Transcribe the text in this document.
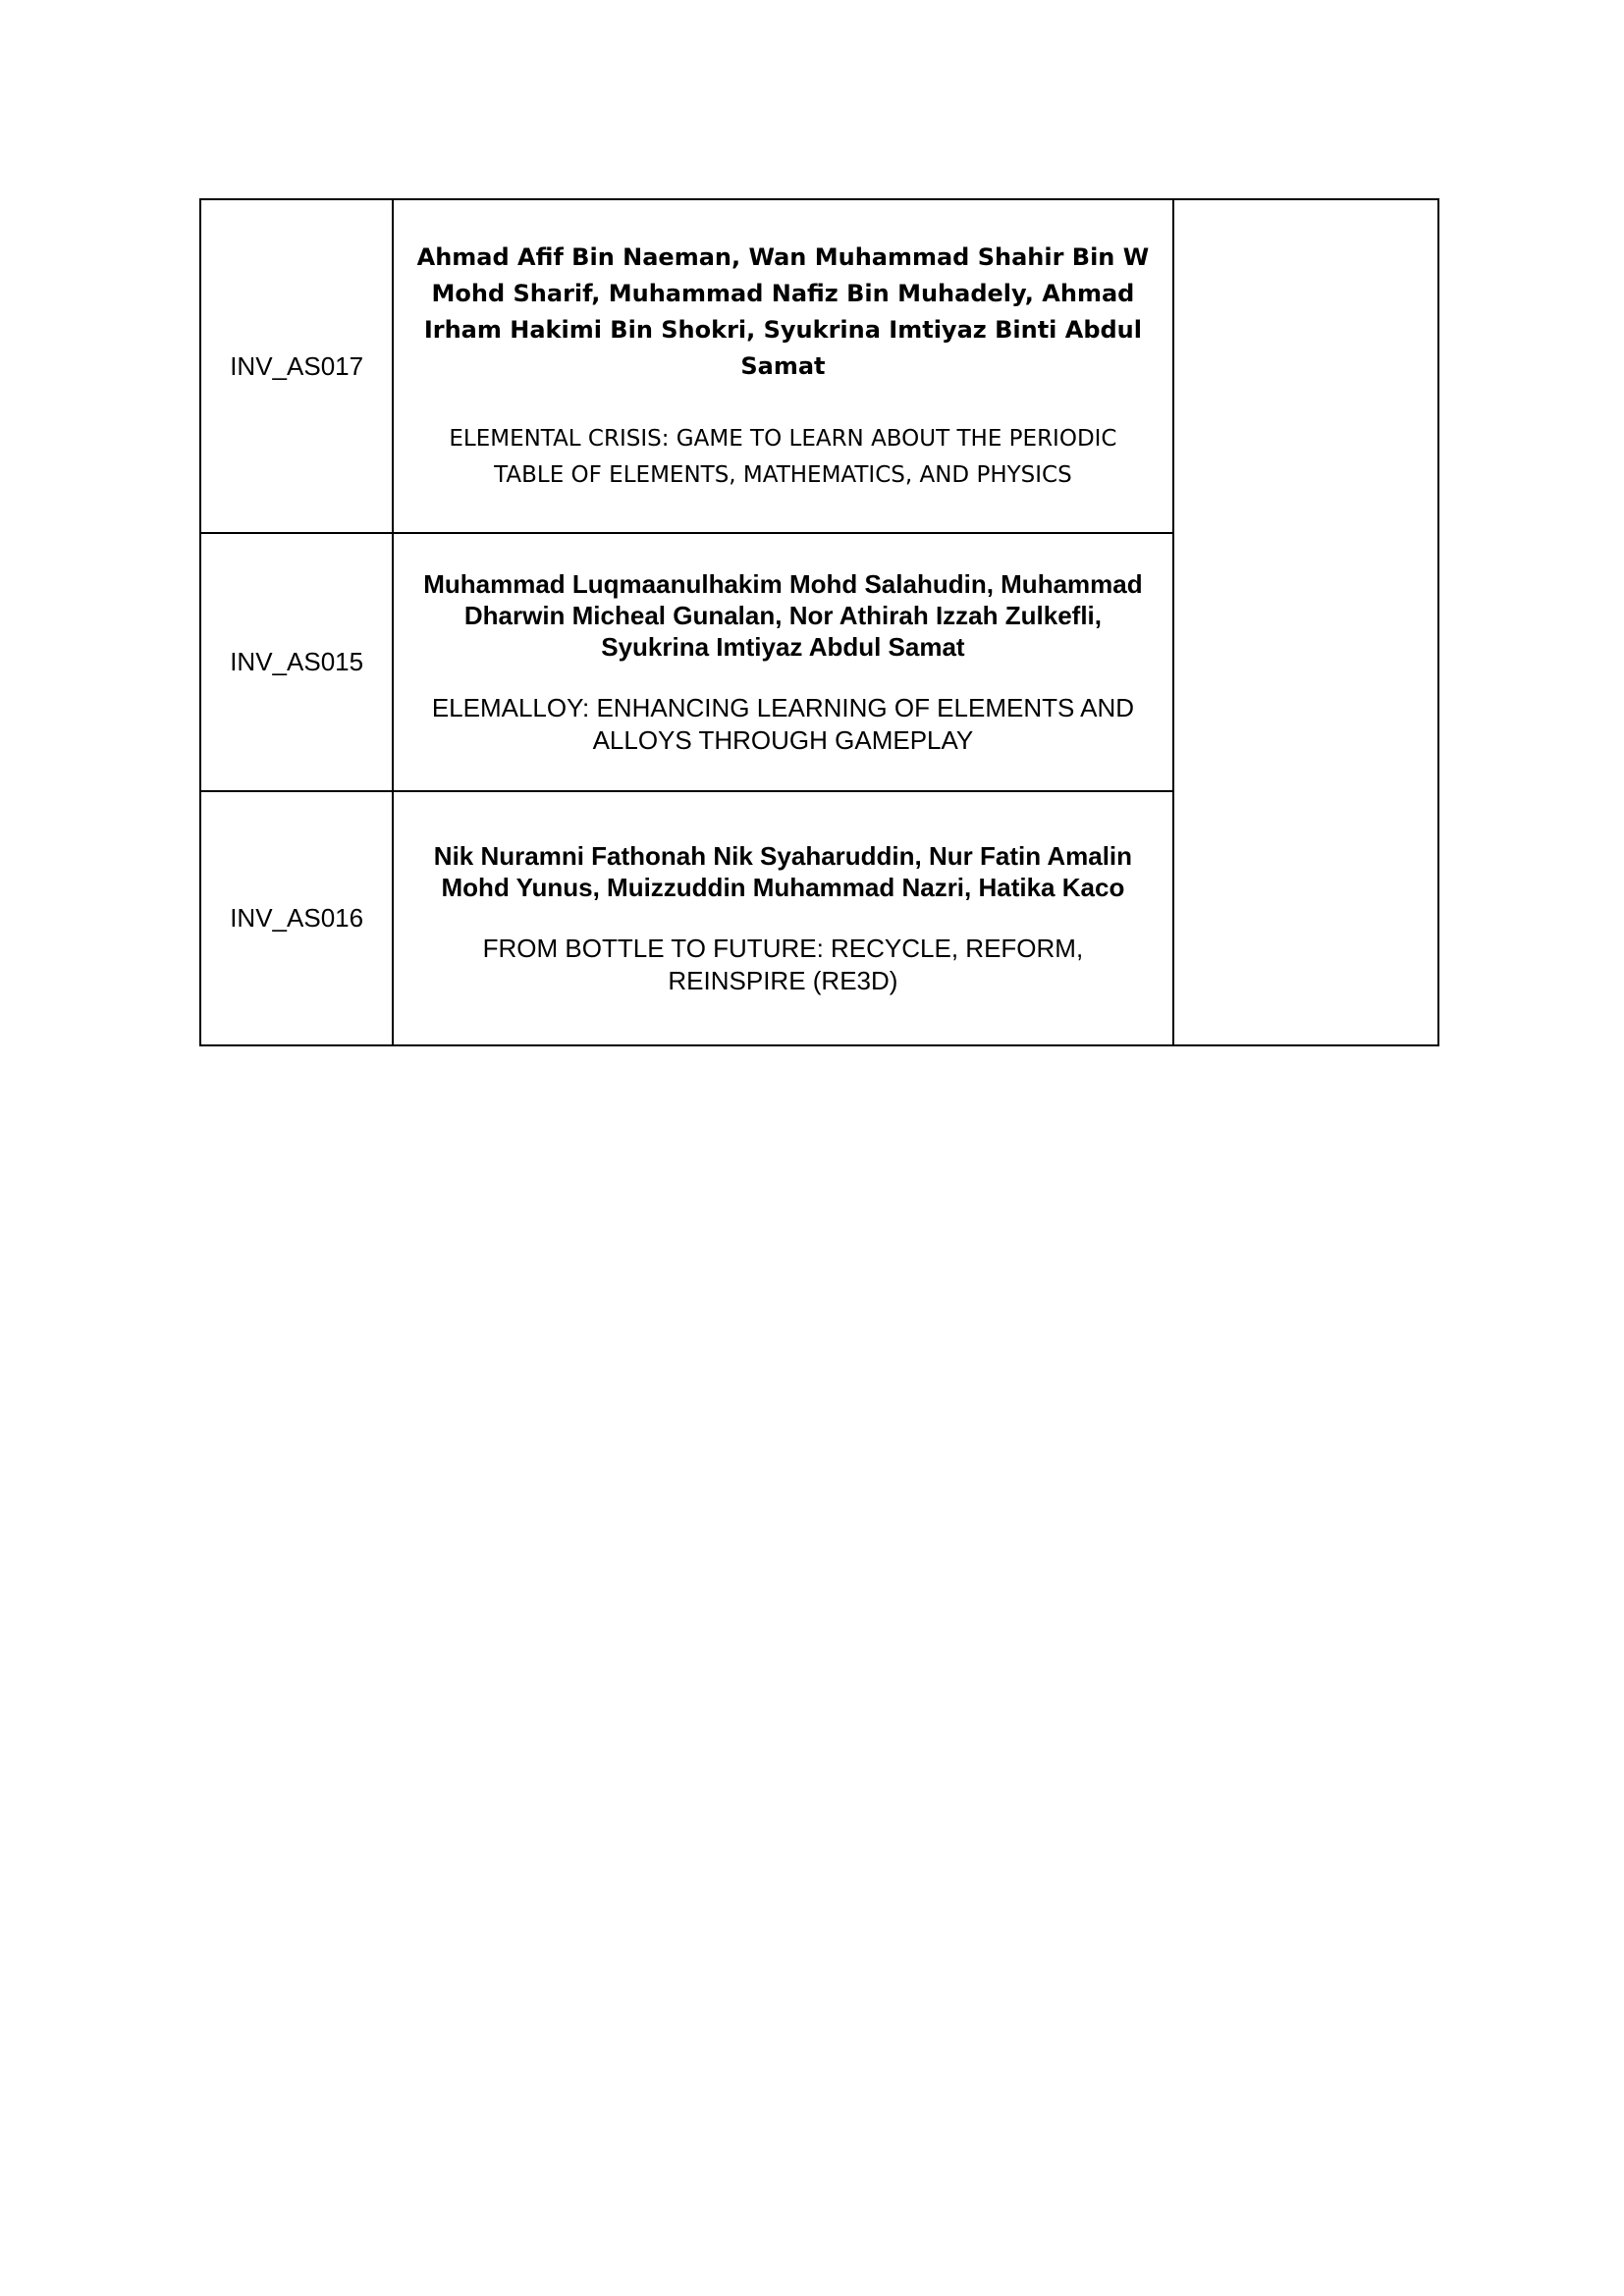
INV_AS017	Ahmad Afif Bin Naeman, Wan Muhammad Shahir Bin W Mohd Sharif, Muhammad Nafiz Bin Muhadely, Ahmad Irham Hakimi Bin Shokri, Syukrina Imtiyaz Binti Abdul Samat
ELEMENTAL CRISIS: GAME TO LEARN ABOUT THE PERIODIC TABLE OF ELEMENTS, MATHEMATICS, AND PHYSICS	

INV_AS015	Muhammad Luqmaanulhakim Mohd Salahudin, Muhammad Dharwin Micheal Gunalan, Nor Athirah Izzah Zulkefli, Syukrina Imtiyaz Abdul Samat
ELEMALLOY: ENHANCING LEARNING OF ELEMENTS AND ALLOYS THROUGH GAMEPLAY	

INV_AS016	Nik Nuramni Fathonah Nik Syaharuddin, Nur Fatin Amalin Mohd Yunus, Muizzuddin Muhammad Nazri, Hatika Kaco
FROM BOTTLE TO FUTURE: RECYCLE, REFORM, REINSPIRE (RE3D)	
